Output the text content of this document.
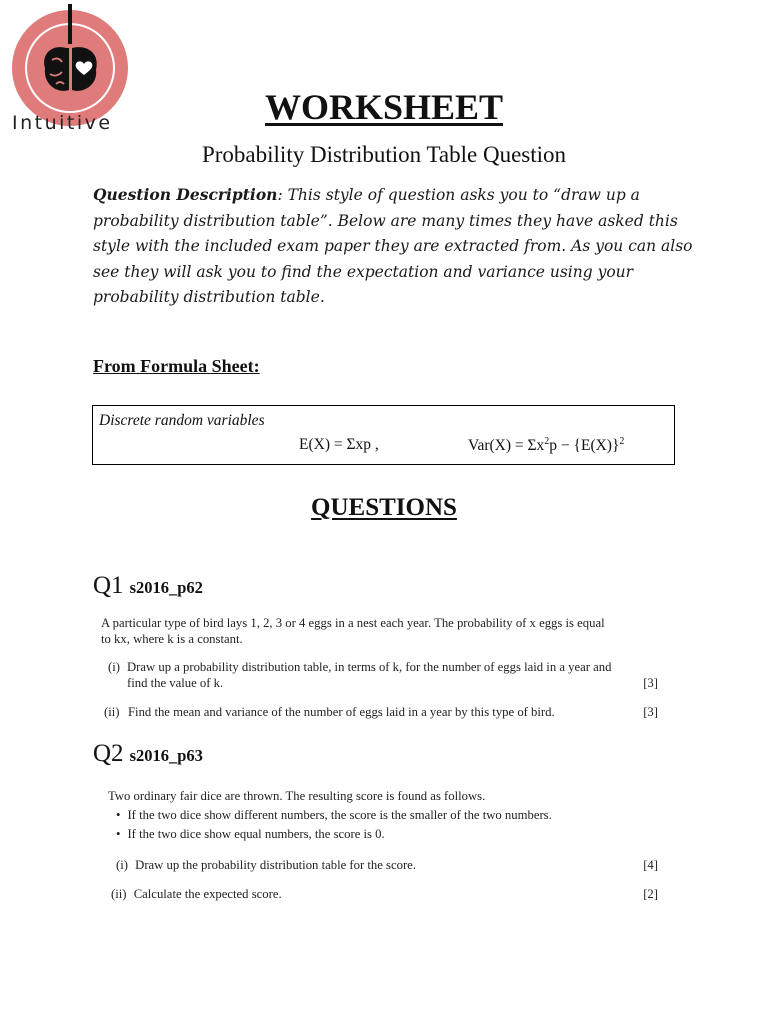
Intuitive	WORKSHEET
Probability Distribution Table Question
Question Description: This style of question asks you to “draw up a probability distribution table”. Below are many times they have asked this style with the included exam paper they are extracted from. As you can also see they will ask you to find the expectation and variance using your probability distribution table.
From Formula Sheet:
Discrete random variables
E(X) = Σxp ,	$Var(X) = \Sigma x^2p - \{E(X)\}^2$
QUESTIONS
Q1 s2016_p62
A particular type of bird lays 1, 2, 3 or 4 eggs in a nest each year. The probability of x eggs is equal
to kx, where k is a constant.
(i) Draw up a probability distribution table, in terms of k, for the number of eggs laid in a year and
find the value of k.	[3]
(ii) Find the mean and variance of the number of eggs laid in a year by this type of bird.	[3]
Q2 s2016_p63
Two ordinary fair dice are thrown. The resulting score is found as follows.
• If the two dice show different numbers, the score is the smaller of the two numbers.
• If the two dice show equal numbers, the score is 0.
(i) Draw up the probability distribution table for the score.	[4]
(ii) Calculate the expected score.	[2]
